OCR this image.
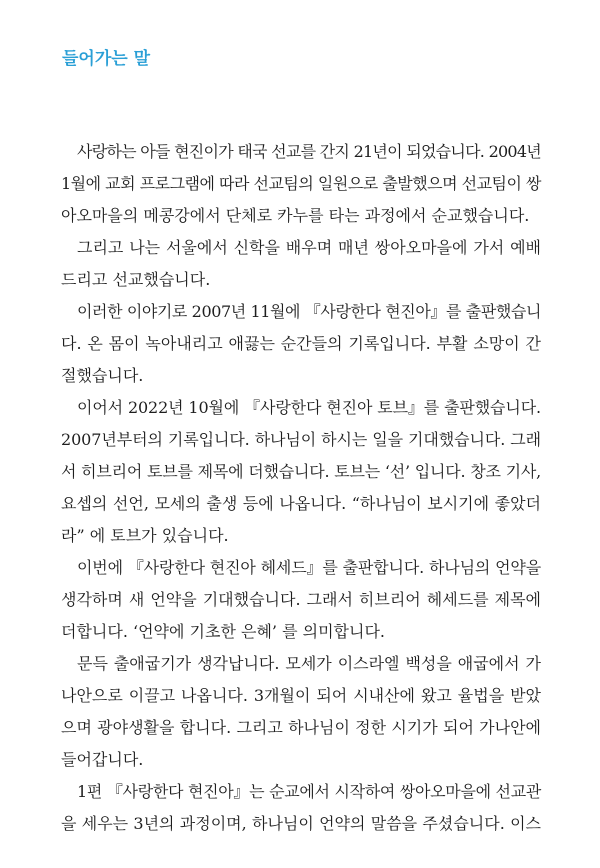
들어가는 말
사랑하는 아들 현진이가 태국 선교를 간지 21년이 되었습니다. 2004년
1월에 교회 프로그램에 따라 선교팀의 일원으로 출발했으며 선교팀이 쌍
아오마을의 메콩강에서 단체로 카누를 타는 과정에서 순교했습니다.
그리고 나는 서울에서 신학을 배우며 매년 쌍아오마을에 가서 예배
드리고 선교했습니다.
이러한 이야기로 2007년 11월에 『사랑한다 현진아』를 출판했습니
다. 온 몸이 녹아내리고 애끓는 순간들의 기록입니다. 부활 소망이 간
절했습니다.
이어서 2022년 10월에 『사랑한다 현진아 토브』를 출판했습니다.
2007년부터의 기록입니다. 하나님이 하시는 일을 기대했습니다. 그래
서 히브리어 토브를 제목에 더했습니다. 토브는 ‘선’ 입니다. 창조 기사,
요셉의 선언, 모세의 출생 등에 나옵니다. “하나님이 보시기에 좋았더
라” 에 토브가 있습니다.
이번에 『사랑한다 현진아 헤세드』를 출판합니다. 하나님의 언약을
생각하며 새 언약을 기대했습니다. 그래서 히브리어 헤세드를 제목에
더합니다. ‘언약에 기초한 은혜’ 를 의미합니다.
문득 출애굽기가 생각납니다. 모세가 이스라엘 백성을 애굽에서 가
나안으로 이끌고 나옵니다. 3개월이 되어 시내산에 왔고 율법을 받았
으며 광야생활을 합니다. 그리고 하나님이 정한 시기가 되어 가나안에
들어갑니다.
1편 『사랑한다 현진아』는 순교에서 시작하여 쌍아오마을에 선교관
을 세우는 3년의 과정이며, 하나님이 언약의 말씀을 주셨습니다. 이스
